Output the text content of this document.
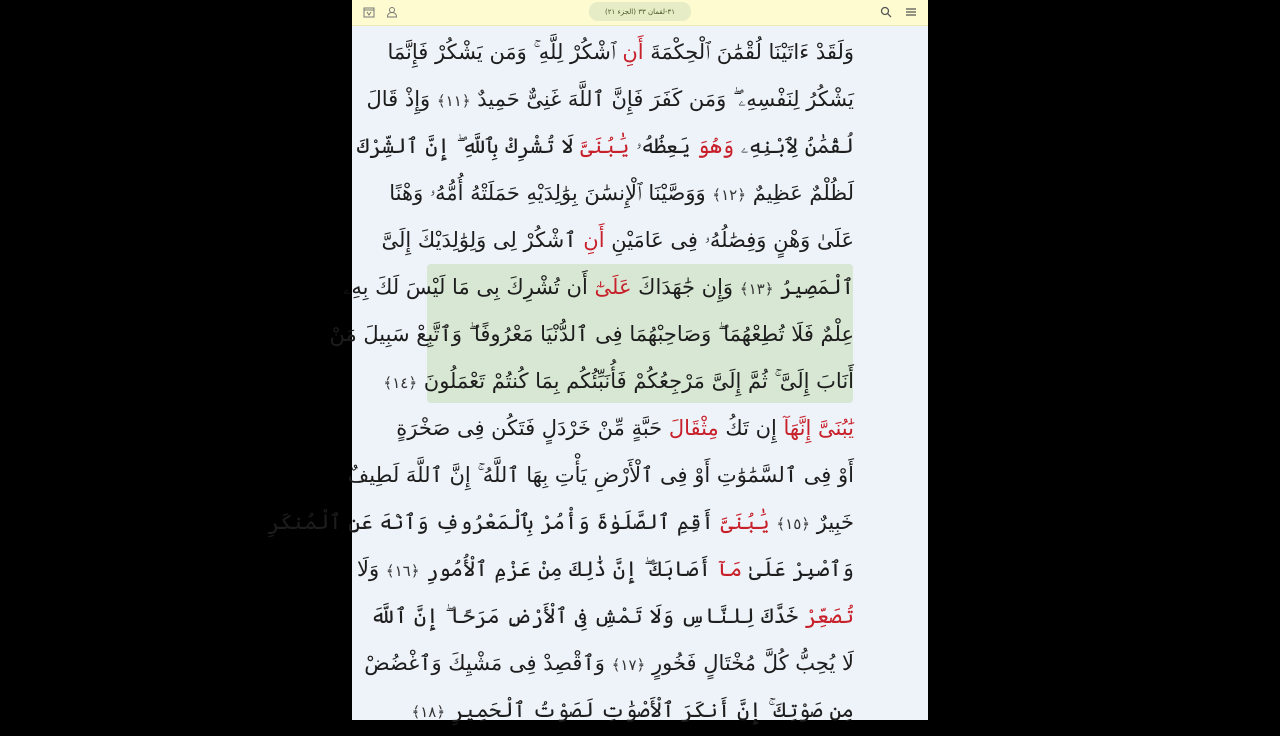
٣١-لقمان ٣٣ (الجزء ٢١)
وَلَقَدْ ءَاتَيْنَا لُقْمَٰنَ ٱلْحِكْمَةَ أَنِ ٱشْكُرْ لِلَّهِ ۚ وَمَن يَشْكُرْ فَإِنَّمَا
يَشْكُرُ لِنَفْسِهِۦ ۖ وَمَن كَفَرَ فَإِنَّ ٱللَّهَ غَنِىٌّ حَمِيدٌ ﴿١١﴾ وَإِذْ قَالَ
لُقْمَٰنُ لِٱبْنِهِۦ وَهُوَ يَعِظُهُۥ يَٰبُنَىَّ لَا تُشْرِكْ بِٱللَّهِ ۖ إِنَّ ٱلشِّرْكَ
لَظُلْمٌ عَظِيمٌ ﴿١٢﴾ وَوَصَّيْنَا ٱلْإِنسَٰنَ بِوَٰلِدَيْهِ حَمَلَتْهُ أُمُّهُۥ وَهْنًا
عَلَىٰ وَهْنٍ وَفِصَٰلُهُۥ فِى عَامَيْنِ أَنِ ٱشْكُرْ لِى وَلِوَٰلِدَيْكَ إِلَىَّ
ٱلْمَصِيرُ ﴿١٣﴾ وَإِن جَٰهَدَاكَ عَلَىٰٓ أَن تُشْرِكَ بِى مَا لَيْسَ لَكَ بِهِۦ
عِلْمٌ فَلَا تُطِعْهُمَا ۖ وَصَاحِبْهُمَا فِى ٱلدُّنْيَا مَعْرُوفًا ۖ وَٱتَّبِعْ سَبِيلَ مَنْ
أَنَابَ إِلَىَّ ۚ ثُمَّ إِلَىَّ مَرْجِعُكُمْ فَأُنَبِّئُكُم بِمَا كُنتُمْ تَعْمَلُونَ ﴿١٤﴾
يَٰبُنَىَّ إِنَّهَآ إِن تَكُ مِثْقَالَ حَبَّةٍ مِّنْ خَرْدَلٍ فَتَكُن فِى صَخْرَةٍ
أَوْ فِى ٱلسَّمَٰوَٰتِ أَوْ فِى ٱلْأَرْضِ يَأْتِ بِهَا ٱللَّهُ ۚ إِنَّ ٱللَّهَ لَطِيفٌ
خَبِيرٌ ﴿١٥﴾ يَٰبُنَىَّ أَقِمِ ٱلصَّلَوٰةَ وَأْمُرْ بِٱلْمَعْرُوفِ وَٱنْهَ عَنِ ٱلْمُنكَرِ
وَٱصْبِرْ عَلَىٰ مَآ أَصَابَكَ ۖ إِنَّ ذَٰلِكَ مِنْ عَزْمِ ٱلْأُمُورِ ﴿١٦﴾ وَلَا
تُصَعِّرْ خَدَّكَ لِلنَّاسِ وَلَا تَمْشِ فِى ٱلْأَرْضِ مَرَحًا ۖ إِنَّ ٱللَّهَ
لَا يُحِبُّ كُلَّ مُخْتَالٍ فَخُورٍ ﴿١٧﴾ وَٱقْصِدْ فِى مَشْيِكَ وَٱغْضُضْ
مِن صَوْتِكَ ۚ إِنَّ أَنكَرَ ٱلْأَصْوَٰتِ لَصَوْتُ ٱلْحَمِيرِ ﴿١٨﴾
